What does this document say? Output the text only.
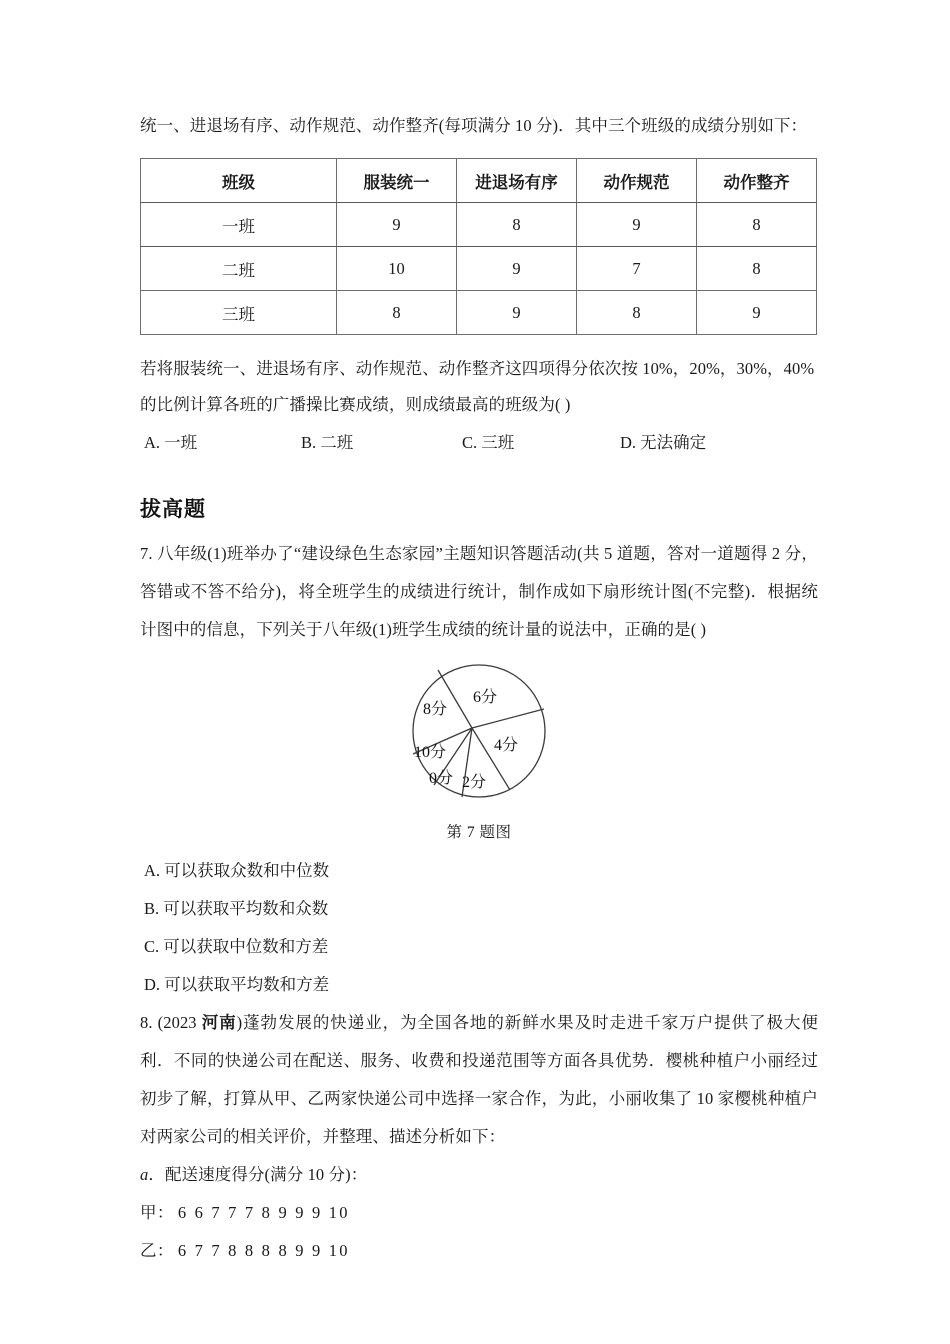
统一、进退场有序、动作规范、动作整齐(每项满分 10 分)．其中三个班级的成绩分别如下：

班级	服装统一	进退场有序	动作规范	动作整齐
一班	9	8	9	8
二班	10	9	7	8
三班	8	9	8	9
若将服装统一、进退场有序、动作规范、动作整齐这四项得分依次按 10%，20%，30%，40%
的比例计算各班的广播操比赛成绩，则成绩最高的班级为( )
A. 一班	B. 二班	C. 三班	D. 无法确定
拔高题

7. 八年级(1)班举办了“建设绿色生态家园”主题知识答题活动(共 5 道题，答对一道题得 2 分，答错或不答不给分)，将全班学生的成绩进行统计，制作成如下扇形统计图(不完整)．根据统计图中的信息，下列关于八年级(1)班学生成绩的统计量的说法中，正确的是( )

6分
4分
2分
0分
10分
8分
第 7 题图
A. 可以获取众数和中位数
B. 可以获取平均数和众数
C. 可以获取中位数和方差
D. 可以获取平均数和方差

8. (2023 河南)蓬勃发展的快递业，为全国各地的新鲜水果及时走进千家万户提供了极大便利．不同的快递公司在配送、服务、收费和投递范围等方面各具优势．樱桃种植户小丽经过初步了解，打算从甲、乙两家快递公司中选择一家合作，为此，小丽收集了 10 家樱桃种植户对两家公司的相关评价，并整理、描述分析如下：

a．配送速度得分(满分 10 分)：
甲： 6 6 7 7 7 8 9 9 9 10
乙： 6 7 7 8 8 8 8 9 9 10
